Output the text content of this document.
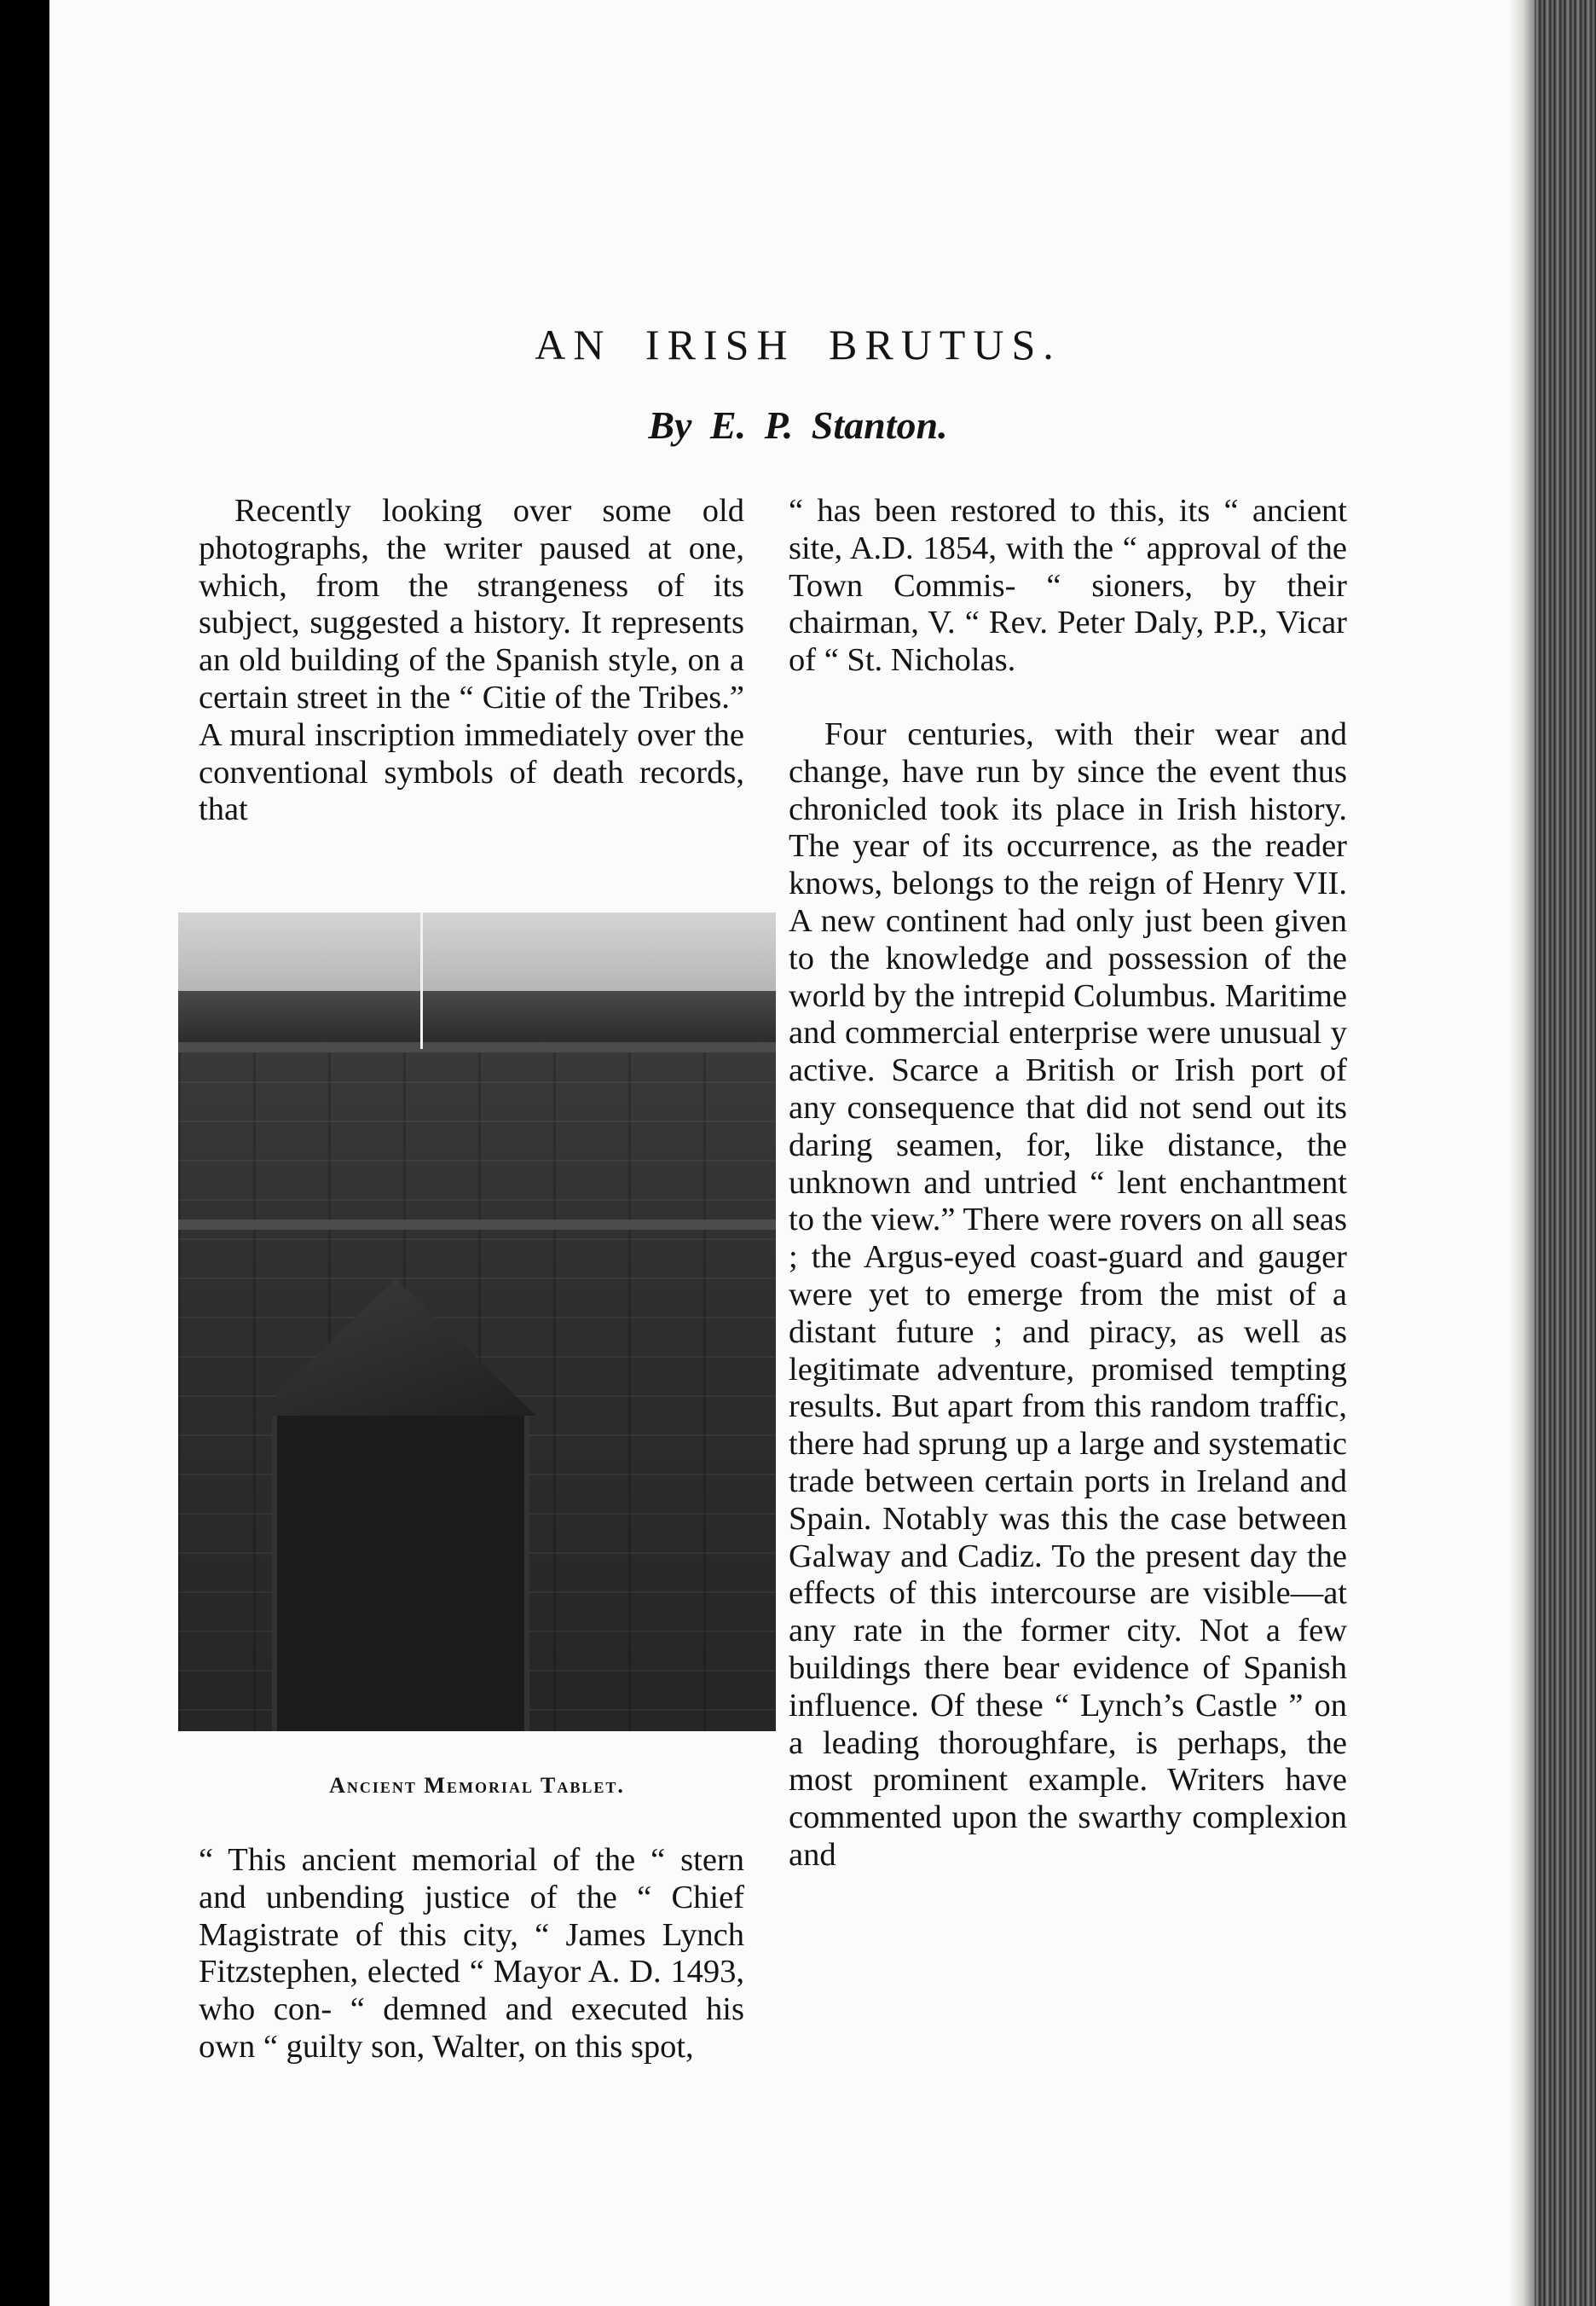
AN IRISH BRUTUS.

By E. P. Stanton.

Recently looking over some old photographs, the writer paused at one, which, from the strangeness of its subject, suggested a history. It represents an old building of the Spanish style, on a certain street in the “ Citie of the Tribes.” A mural inscription immediately over the conventional symbols of death records, that

Ancient Memorial Tablet.

“ This ancient memorial of the “ stern and unbending justice of the “ Chief Magistrate of this city, “ James Lynch Fitzstephen, elected “ Mayor A. D. 1493, who con- “ demned and executed his own “ guilty son, Walter, on this spot,

“ has been restored to this, its “ ancient site, A.D. 1854, with the “ approval of the Town Commis- “ sioners, by their chairman, V. “ Rev. Peter Daly, P.P., Vicar of “ St. Nicholas.

Four centuries, with their wear and change, have run by since the event thus chronicled took its place in Irish history. The year of its occurrence, as the reader knows, belongs to the reign of Henry VII. A new continent had only just been given to the knowledge and possession of the world by the intrepid Columbus. Maritime and commercial enterprise were unusual y active. Scarce a British or Irish port of any consequence that did not send out its daring seamen, for, like distance, the unknown and untried “ lent enchantment to the view.” There were rovers on all seas ; the Argus-eyed coast-guard and gauger were yet to emerge from the mist of a distant future ; and piracy, as well as legitimate adventure, promised tempting results. But apart from this random traffic, there had sprung up a large and systematic trade between certain ports in Ireland and Spain. Notably was this the case between Galway and Cadiz. To the present day the effects of this intercourse are visible—at any rate in the former city. Not a few buildings there bear evidence of Spanish influence. Of these “ Lynch’s Castle ” on a leading thoroughfare, is perhaps, the most prominent example. Writers have commented upon the swarthy complexion and
